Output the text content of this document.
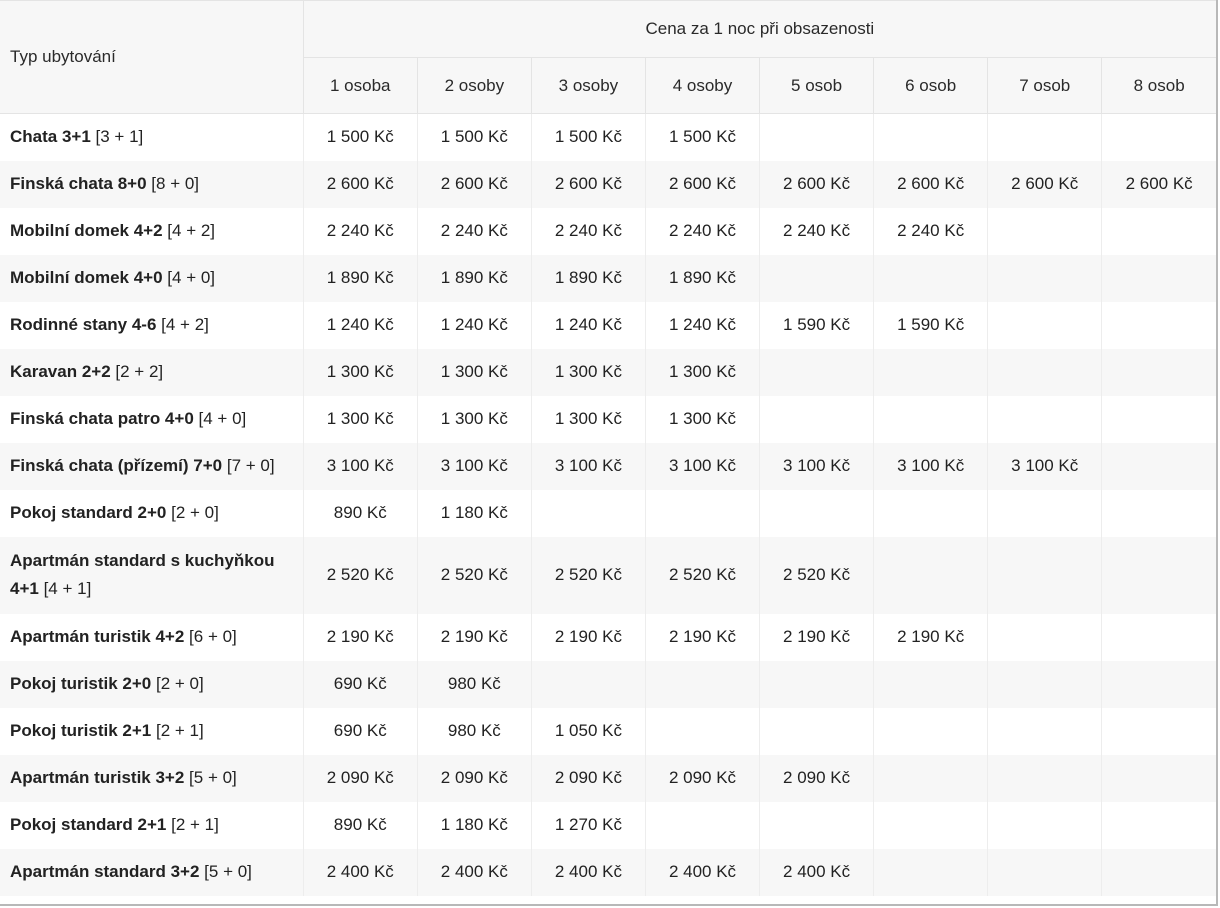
Typ ubytování	Cena za 1 noc při obsazenosti							
	1 osoba	2 osoby	3 osoby	4 osoby	5 osob	6 osob	7 osob	8 osob
Chata 3+1 [3 + 1]	1 500 Kč	1 500 Kč	1 500 Kč	1 500 Kč				
Finská chata 8+0 [8 + 0]	2 600 Kč	2 600 Kč	2 600 Kč	2 600 Kč	2 600 Kč	2 600 Kč	2 600 Kč	2 600 Kč
Mobilní domek 4+2 [4 + 2]	2 240 Kč	2 240 Kč	2 240 Kč	2 240 Kč	2 240 Kč	2 240 Kč		
Mobilní domek 4+0 [4 + 0]	1 890 Kč	1 890 Kč	1 890 Kč	1 890 Kč				
Rodinné stany 4-6 [4 + 2]	1 240 Kč	1 240 Kč	1 240 Kč	1 240 Kč	1 590 Kč	1 590 Kč		
Karavan 2+2 [2 + 2]	1 300 Kč	1 300 Kč	1 300 Kč	1 300 Kč				
Finská chata patro 4+0 [4 + 0]	1 300 Kč	1 300 Kč	1 300 Kč	1 300 Kč				
Finská chata (přízemí) 7+0 [7 + 0]	3 100 Kč	3 100 Kč	3 100 Kč	3 100 Kč	3 100 Kč	3 100 Kč	3 100 Kč	
Pokoj standard 2+0 [2 + 0]	890 Kč	1 180 Kč						
Apartmán standard s kuchyňkou 4+1 [4 + 1]	2 520 Kč	2 520 Kč	2 520 Kč	2 520 Kč	2 520 Kč			
Apartmán turistik 4+2 [6 + 0]	2 190 Kč	2 190 Kč	2 190 Kč	2 190 Kč	2 190 Kč	2 190 Kč		
Pokoj turistik 2+0 [2 + 0]	690 Kč	980 Kč						
Pokoj turistik 2+1 [2 + 1]	690 Kč	980 Kč	1 050 Kč					
Apartmán turistik 3+2 [5 + 0]	2 090 Kč	2 090 Kč	2 090 Kč	2 090 Kč	2 090 Kč			
Pokoj standard 2+1 [2 + 1]	890 Kč	1 180 Kč	1 270 Kč					
Apartmán standard 3+2 [5 + 0]	2 400 Kč	2 400 Kč	2 400 Kč	2 400 Kč	2 400 Kč			
